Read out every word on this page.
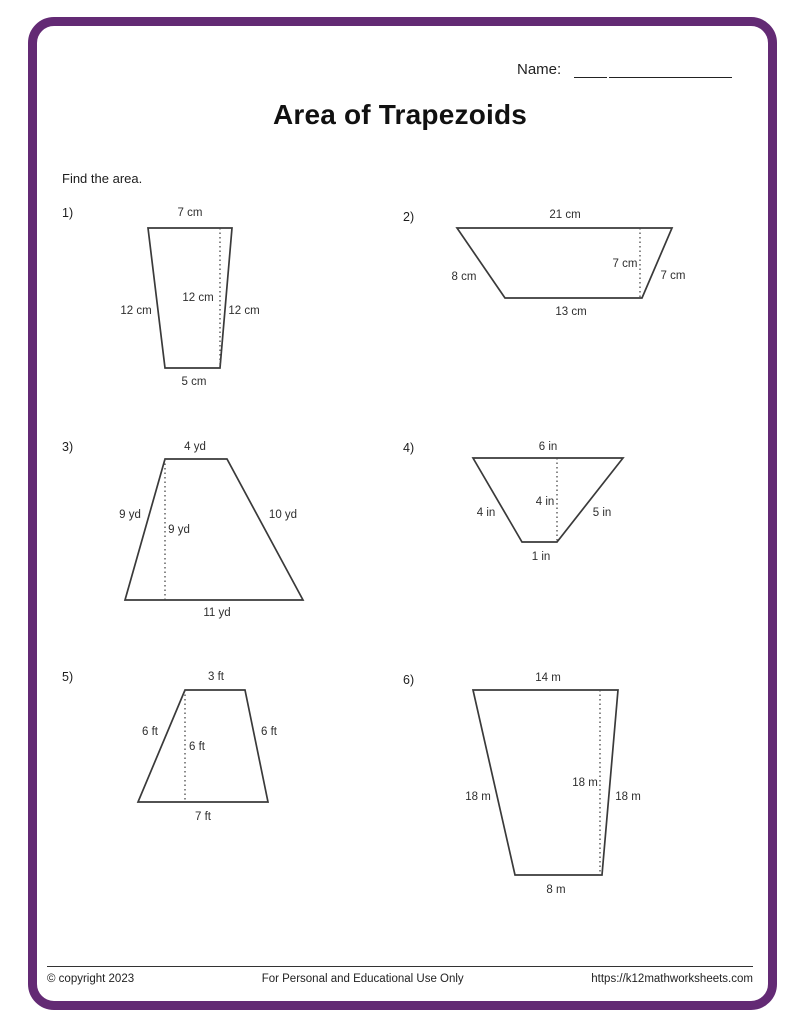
Name:
Area of Trapezoids
Find the area.
1)	7 cm
5 cm
12 cm	12 cm
12 cm
2)	21 cm
13 cm
8 cm	7 cm
7 cm
3)	4 yd
11 yd
9 yd	10 yd
9 yd
4)	6 in
1 in
4 in	5 in
4 in
5)	3 ft
7 ft
6 ft	6 ft
6 ft
6)	14 m
8 m
18 m	18 m
18 m
© copyright 2023	For Personal and Educational Use Only	https://k12mathworksheets.com
